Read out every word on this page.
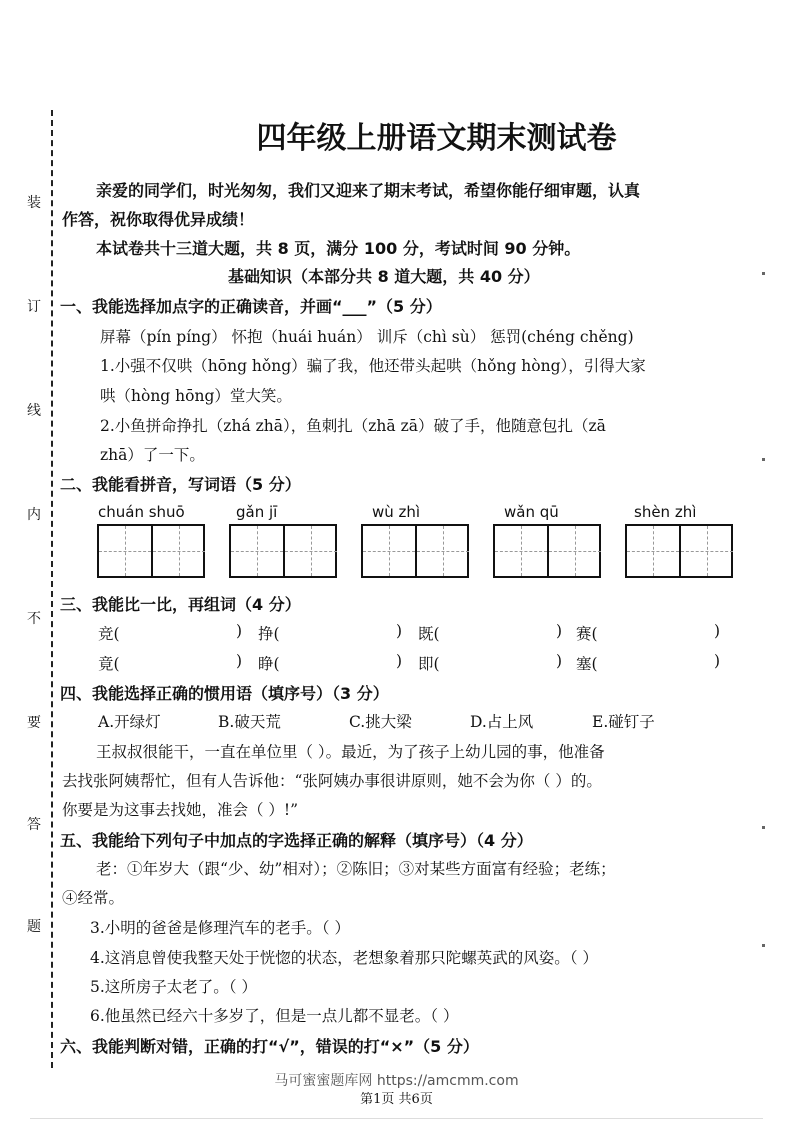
装
订
线
内
不
要
答
题
四年级上册语文期末测试卷
亲爱的同学们，时光匆匆，我们又迎来了期末考试，希望你能仔细审题，认真
作答，祝你取得优异成绩！
本试卷共十三道大题，共 8 页，满分 100 分，考试时间 90 分钟。
基础知识（本部分共 8 道大题，共 40 分）
一、我能选择加点字的正确读音，并画“___”（5 分）
屏幕（pín píng） 怀抱（huái huán） 训斥（chì sù） 惩罚(chéng chěng)
1.小强不仅哄（hōng hǒng）骗了我，他还带头起哄（hǒng hòng），引得大家
哄（hòng hōng）堂大笑。
2.小鱼拼命挣扎（zhá zhā），鱼刺扎（zhā zā）破了手，他随意包扎（zā
zhā）了一下。
二、我能看拼音，写词语（5 分）
chuán shuō	gǎn jī	wù zhì	wǎn qū	shèn zhì
三、我能比一比，再组词（4 分）
竞(	) 挣(	) 既(	) 赛(	)
竟(	) 睁(	) 即(	) 塞(	)
四、我能选择正确的惯用语（填序号）（3 分）
A.开绿灯	B.破天荒	C.挑大梁	D.占上风	E.碰钉子
王叔叔很能干，一直在单位里（ ）。最近，为了孩子上幼儿园的事，他准备
去找张阿姨帮忙，但有人告诉他：“张阿姨办事很讲原则，她不会为你（ ）的。
你要是为这事去找她，准会（ ）!”
五、我能给下列句子中加点的字选择正确的解释（填序号）（4 分）
老：①年岁大（跟“少、幼”相对）；②陈旧；③对某些方面富有经验；老练；
④经常。
3.小明的爸爸是修理汽车的老手。（ ）
4.这消息曾使我整天处于恍惚的状态，老想象着那只陀螺英武的风姿。（ ）
5.这所房子太老了。（ ）
6.他虽然已经六十多岁了，但是一点儿都不显老。（ ）
六、我能判断对错，正确的打“√”，错误的打“×”（5 分）
马可蜜蜜题库网 https://amcmm.com
第1页 共6页
